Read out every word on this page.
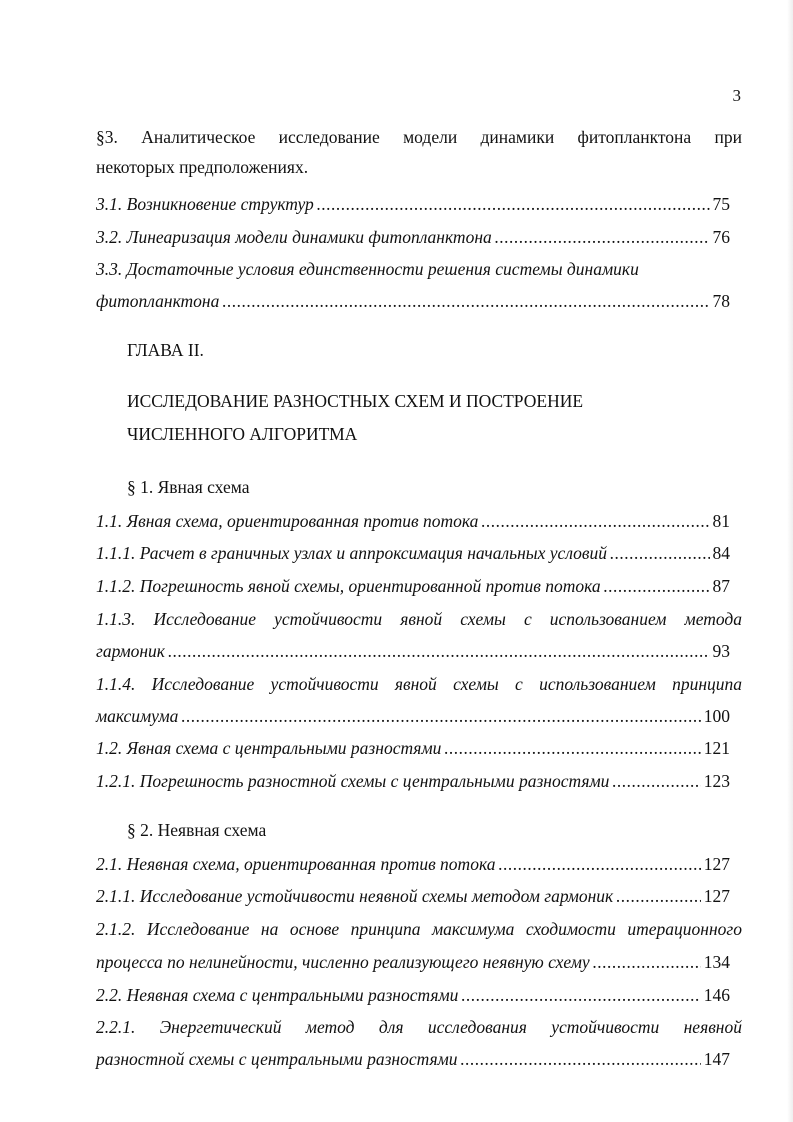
3
§3. Аналитическое исследование модели динамики фитопланктона при
некоторых предположениях.
3.1. Возникновение структур .....	75
3.2. Линеаризация модели динамики фитопланктона .....	76
3.3. Достаточные условия единственности решения системы динамики
фитопланктона .....	78
ГЛАВА II.
ИССЛЕДОВАНИЕ РАЗНОСТНЫХ СХЕМ И ПОСТРОЕНИЕ
ЧИСЛЕННОГО АЛГОРИТМА
§ 1. Явная схема
1.1. Явная схема, ориентированная против потока .....	81
1.1.1. Расчет в граничных узлах и аппроксимация начальных условий .....	84
1.1.2. Погрешность явной схемы, ориентированной против потока .....	87
1.1.3. Исследование устойчивости явной схемы с использованием метода
гармоник .....	93
1.1.4. Исследование устойчивости явной схемы с использованием принципа
максимума .....	100
1.2. Явная схема с центральными разностями .....	121
1.2.1. Погрешность разностной схемы с центральными разностями .....	123
§ 2. Неявная схема
2.1. Неявная схема, ориентированная против потока .....	127
2.1.1. Исследование устойчивости неявной схемы методом гармоник .....	127
2.1.2. Исследование на основе принципа максимума сходимости итерационного
процесса по нелинейности, численно реализующего неявную схему .....	134
2.2. Неявная схема с центральными разностями .....	146
2.2.1. Энергетический метод для исследования устойчивости неявной
разностной схемы с центральными разностями .....	147
